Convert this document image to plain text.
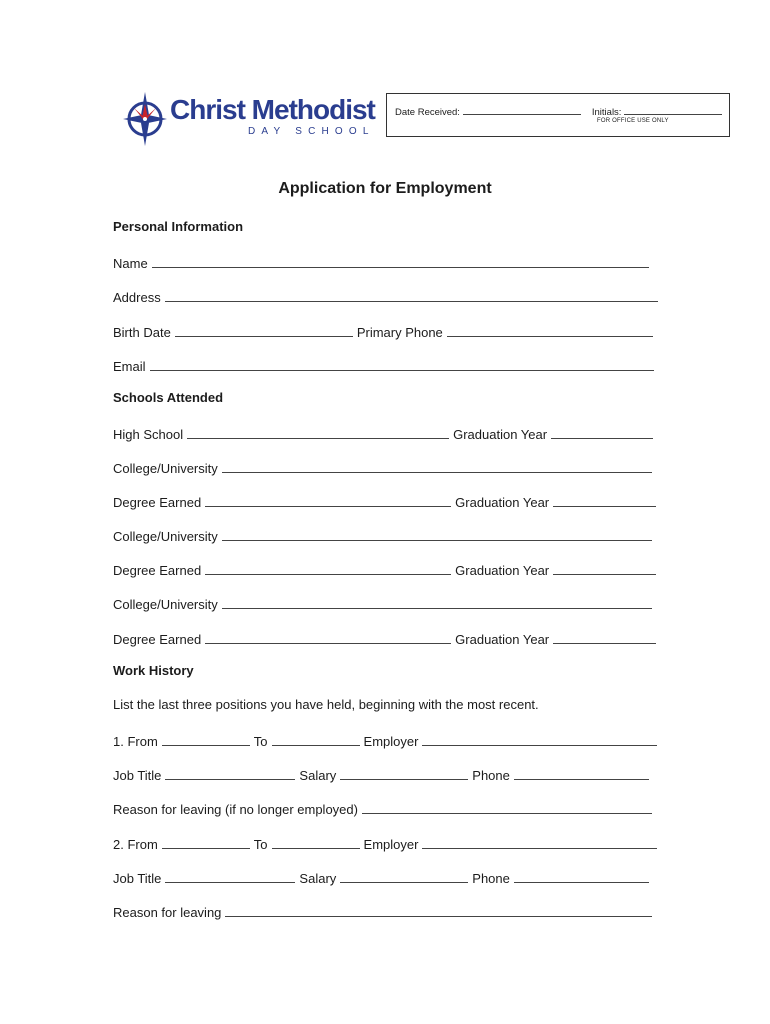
Christ Methodist
DAY SCHOOL
Date Received:	Initials:
FOR OFFICE USE ONLY
Application for Employment
Personal Information
Name
Address
Birth Date	Primary Phone
Email
Schools Attended
High School	Graduation Year
College/University
Degree Earned	Graduation Year
College/University
Degree Earned	Graduation Year
College/University
Degree Earned	Graduation Year
Work History
List the last three positions you have held, beginning with the most recent.
1. From	To	Employer
Job Title	Salary	Phone
Reason for leaving (if no longer employed)
2. From	To	Employer
Job Title	Salary	Phone
Reason for leaving
